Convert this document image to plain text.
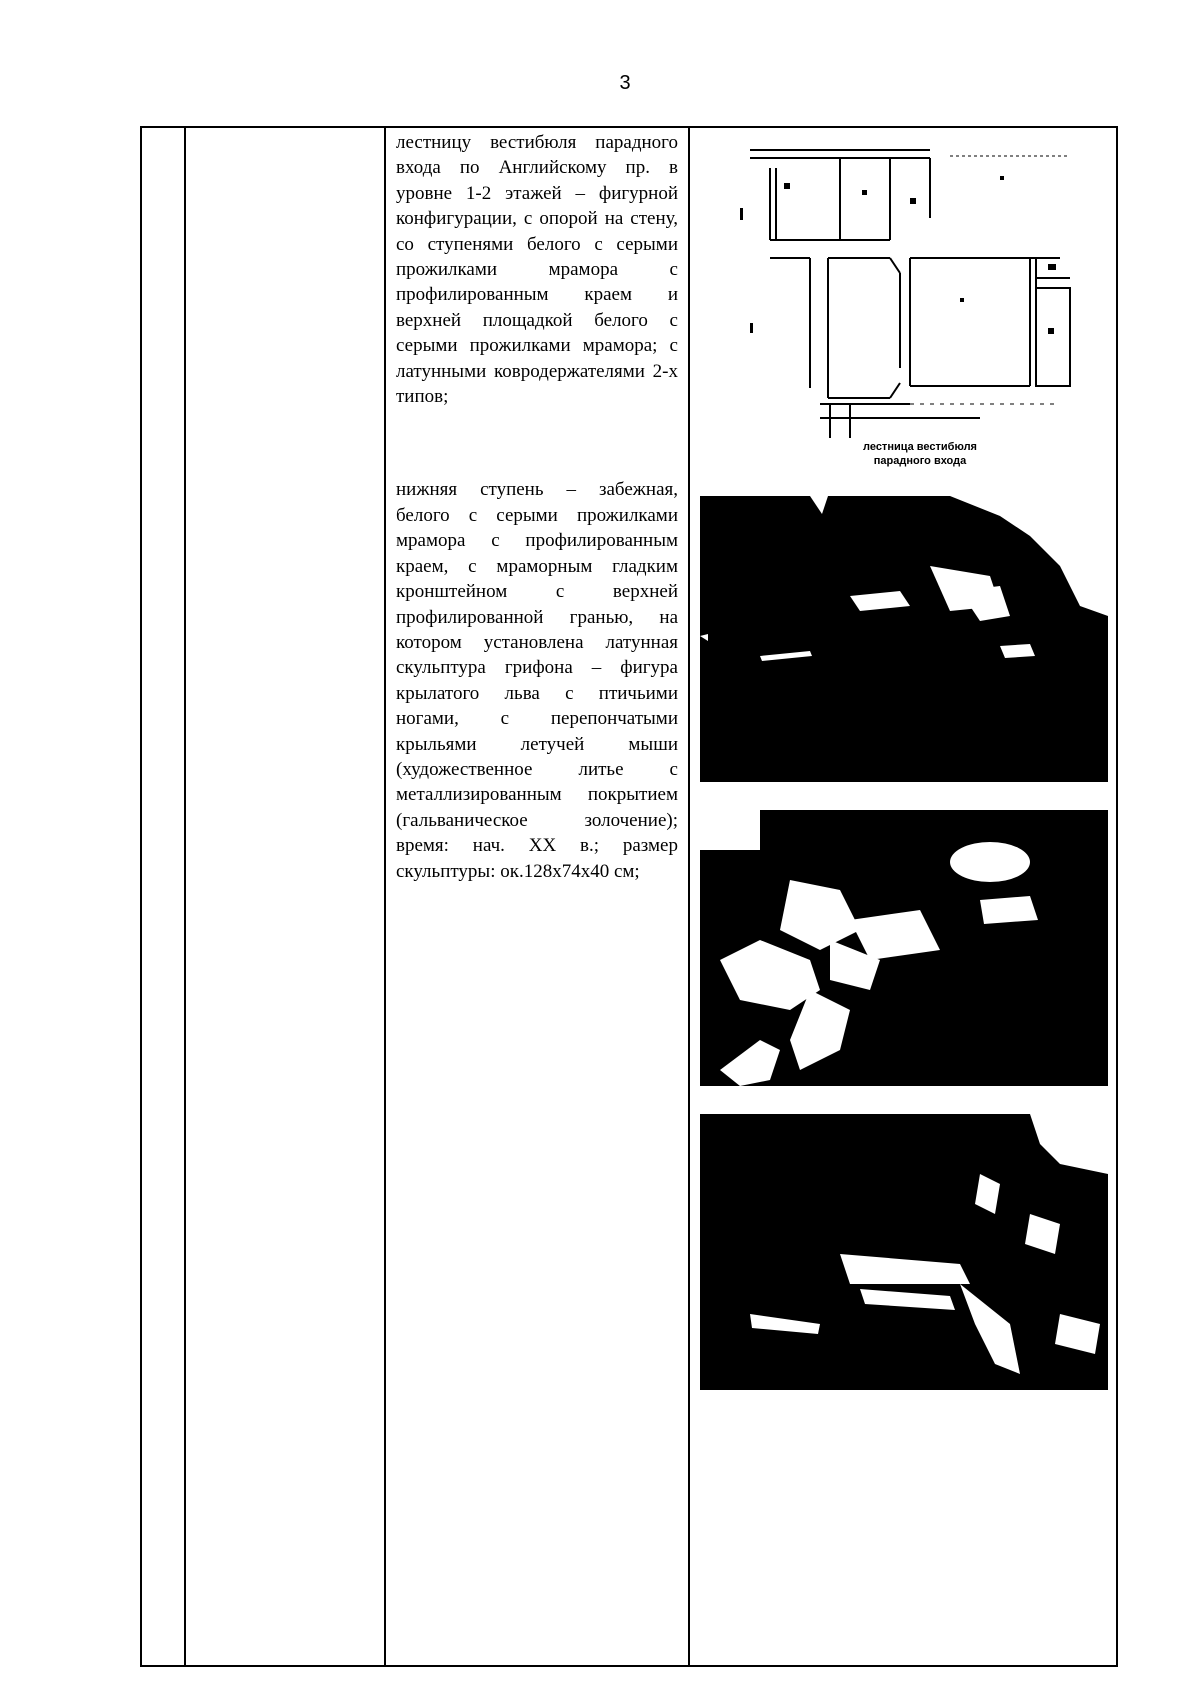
3

лестницу вестибюля парадного входа по Английскому пр. в уровне 1-2 этажей – фигурной конфигурации, с опорой на стену, со ступенями белого с серыми прожилками мрамора с профилированным краем и верхней площадкой белого с серыми прожилками мрамора; с латунными ковродержателями 2-х типов;

нижняя ступень – забежная, белого с серыми прожилками мрамора с профилированным краем, с мраморным гладким кронштейном с верхней профилированной гранью, на котором установлена латунная скульптура грифона – фигура крылатого льва с птичьими ногами, с перепончатыми крыльями летучей мыши (художественное литье с металлизированным покрытием (гальваническое золочение); время: нач. XX в.; размер скульптуры: ок.128х74х40 см;

лестница вестибюля
парадного входа
